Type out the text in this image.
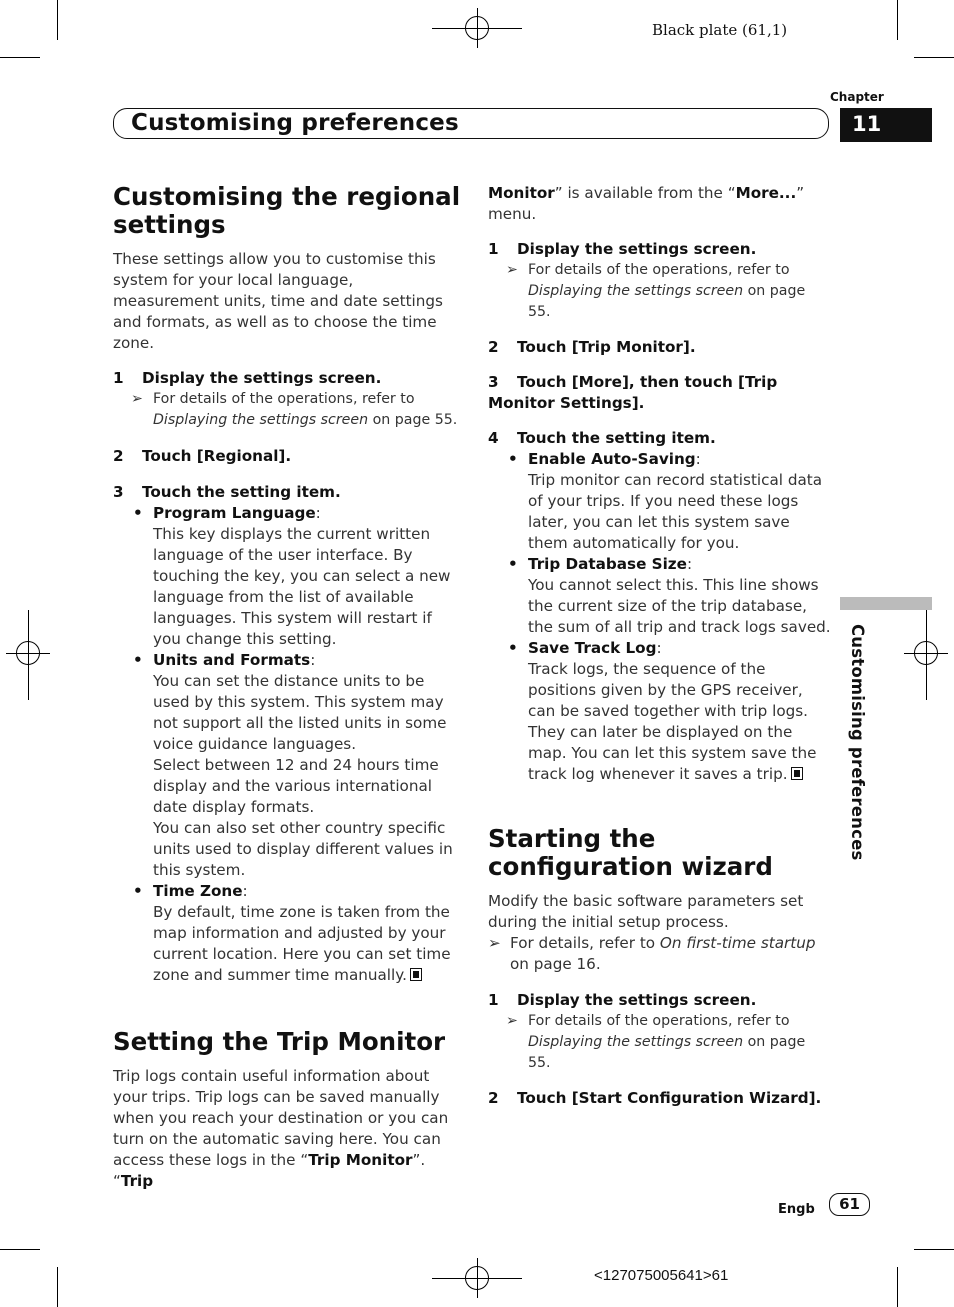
Black plate (61,1)
Chapter
11
Customising preferences
Customising preferences
Customising the regional settings

These settings allow you to customise this system for your local language, measurement units, time and date settings and formats, as well as to choose the time zone.

1 Display the settings screen.
➢ For details of the operations, refer to Displaying the settings screen on page 55.
2 Touch [Regional].
3 Touch the setting item.
• Program Language:

This key displays the current written language of the user interface. By touching the key, you can select a new language from the list of available languages. This system will restart if you change this setting.

• Units and Formats:

You can set the distance units to be used by this system. This system may not support all the listed units in some voice guidance languages.

Select between 12 and 24 hours time display and the various international date display formats.

You can also set other country specific units used to display different values in this system.

• Time Zone:

By default, time zone is taken from the map information and adjusted by your current location. Here you can set time zone and summer time manually.

Setting the Trip Monitor

Trip logs contain useful information about your trips. Trip logs can be saved manually when you reach your destination or you can turn on the automatic saving here. You can access these logs in the “Trip Monitor”. “Trip

Monitor” is available from the “More...” menu.

1 Display the settings screen.
➢ For details of the operations, refer to Displaying the settings screen on page 55.
2 Touch [Trip Monitor].
3 Touch [More], then touch [Trip Monitor Settings].
4 Touch the setting item.
• Enable Auto-Saving:

Trip monitor can record statistical data of your trips. If you need these logs later, you can let this system save them automatically for you.

• Trip Database Size:

You cannot select this. This line shows the current size of the trip database, the sum of all trip and track logs saved.

• Save Track Log:

Track logs, the sequence of the positions given by the GPS receiver, can be saved together with trip logs. They can later be displayed on the map. You can let this system save the track log whenever it saves a trip.

Starting the configuration wizard

Modify the basic software parameters set during the initial setup process.

➢ For details, refer to On first-time startup on page 16.
1 Display the settings screen.
➢ For details of the operations, refer to Displaying the settings screen on page 55.
2 Touch [Start Configuration Wizard].
Engb	61
<127075005641>61
